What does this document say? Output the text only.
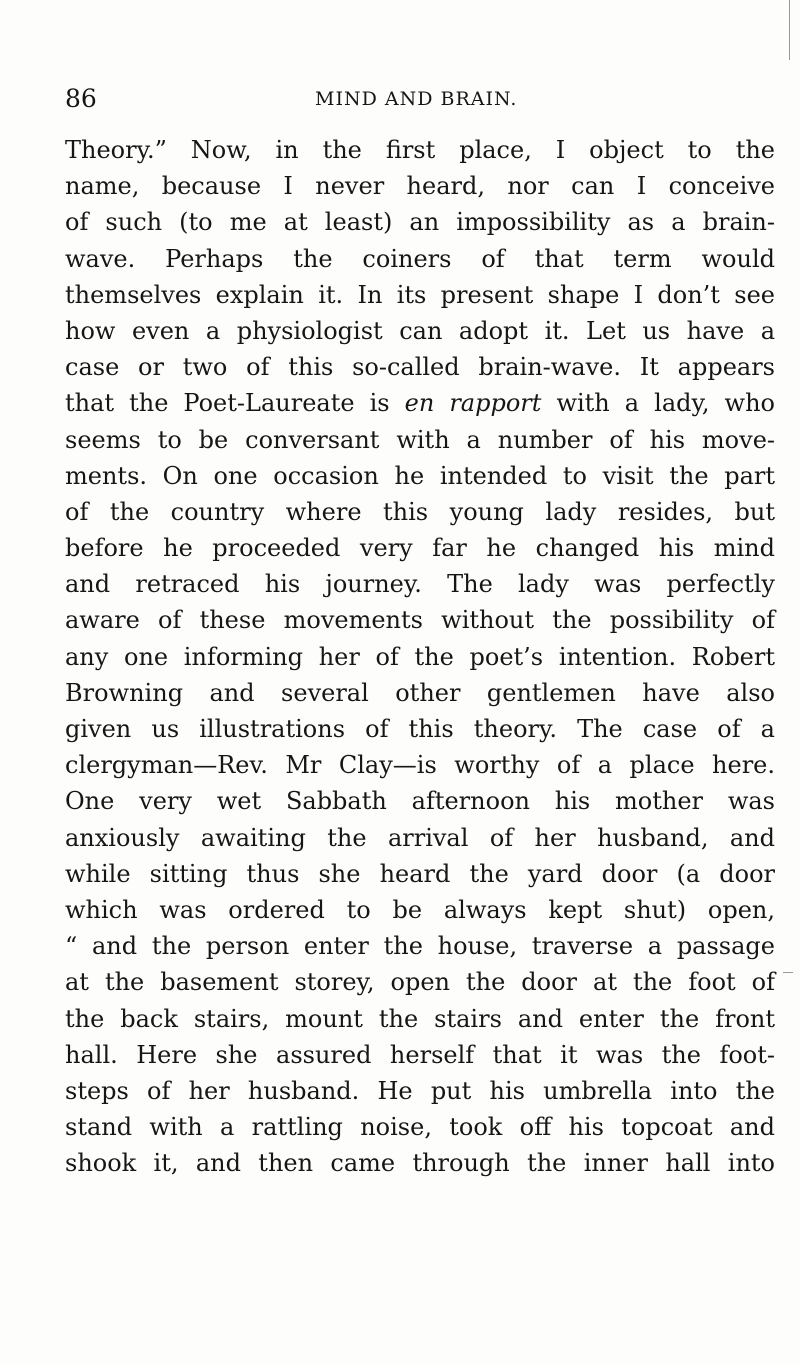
86	MIND AND BRAIN.
Theory.” Now, in the first place, I object to the
name, because I never heard, nor can I conceive
of such (to me at least) an impossibility as a brain-
wave. Perhaps the coiners of that term would
themselves explain it. In its present shape I don’t see
how even a physiologist can adopt it. Let us have a
case or two of this so-called brain-wave. It appears
that the Poet-Laureate is en rapport with a lady, who
seems to be conversant with a number of his move-
ments. On one occasion he intended to visit the part
of the country where this young lady resides, but
before he proceeded very far he changed his mind
and retraced his journey. The lady was perfectly
aware of these movements without the possibility of
any one informing her of the poet’s intention. Robert
Browning and several other gentlemen have also
given us illustrations of this theory. The case of a
clergyman—Rev. Mr Clay—is worthy of a place here.
One very wet Sabbath afternoon his mother was
anxiously awaiting the arrival of her husband, and
while sitting thus she heard the yard door (a door
which was ordered to be always kept shut) open,
“ and the person enter the house, traverse a passage
at the basement storey, open the door at the foot of
the back stairs, mount the stairs and enter the front
hall. Here she assured herself that it was the foot-
steps of her husband. He put his umbrella into the
stand with a rattling noise, took off his topcoat and
shook it, and then came through the inner hall into
